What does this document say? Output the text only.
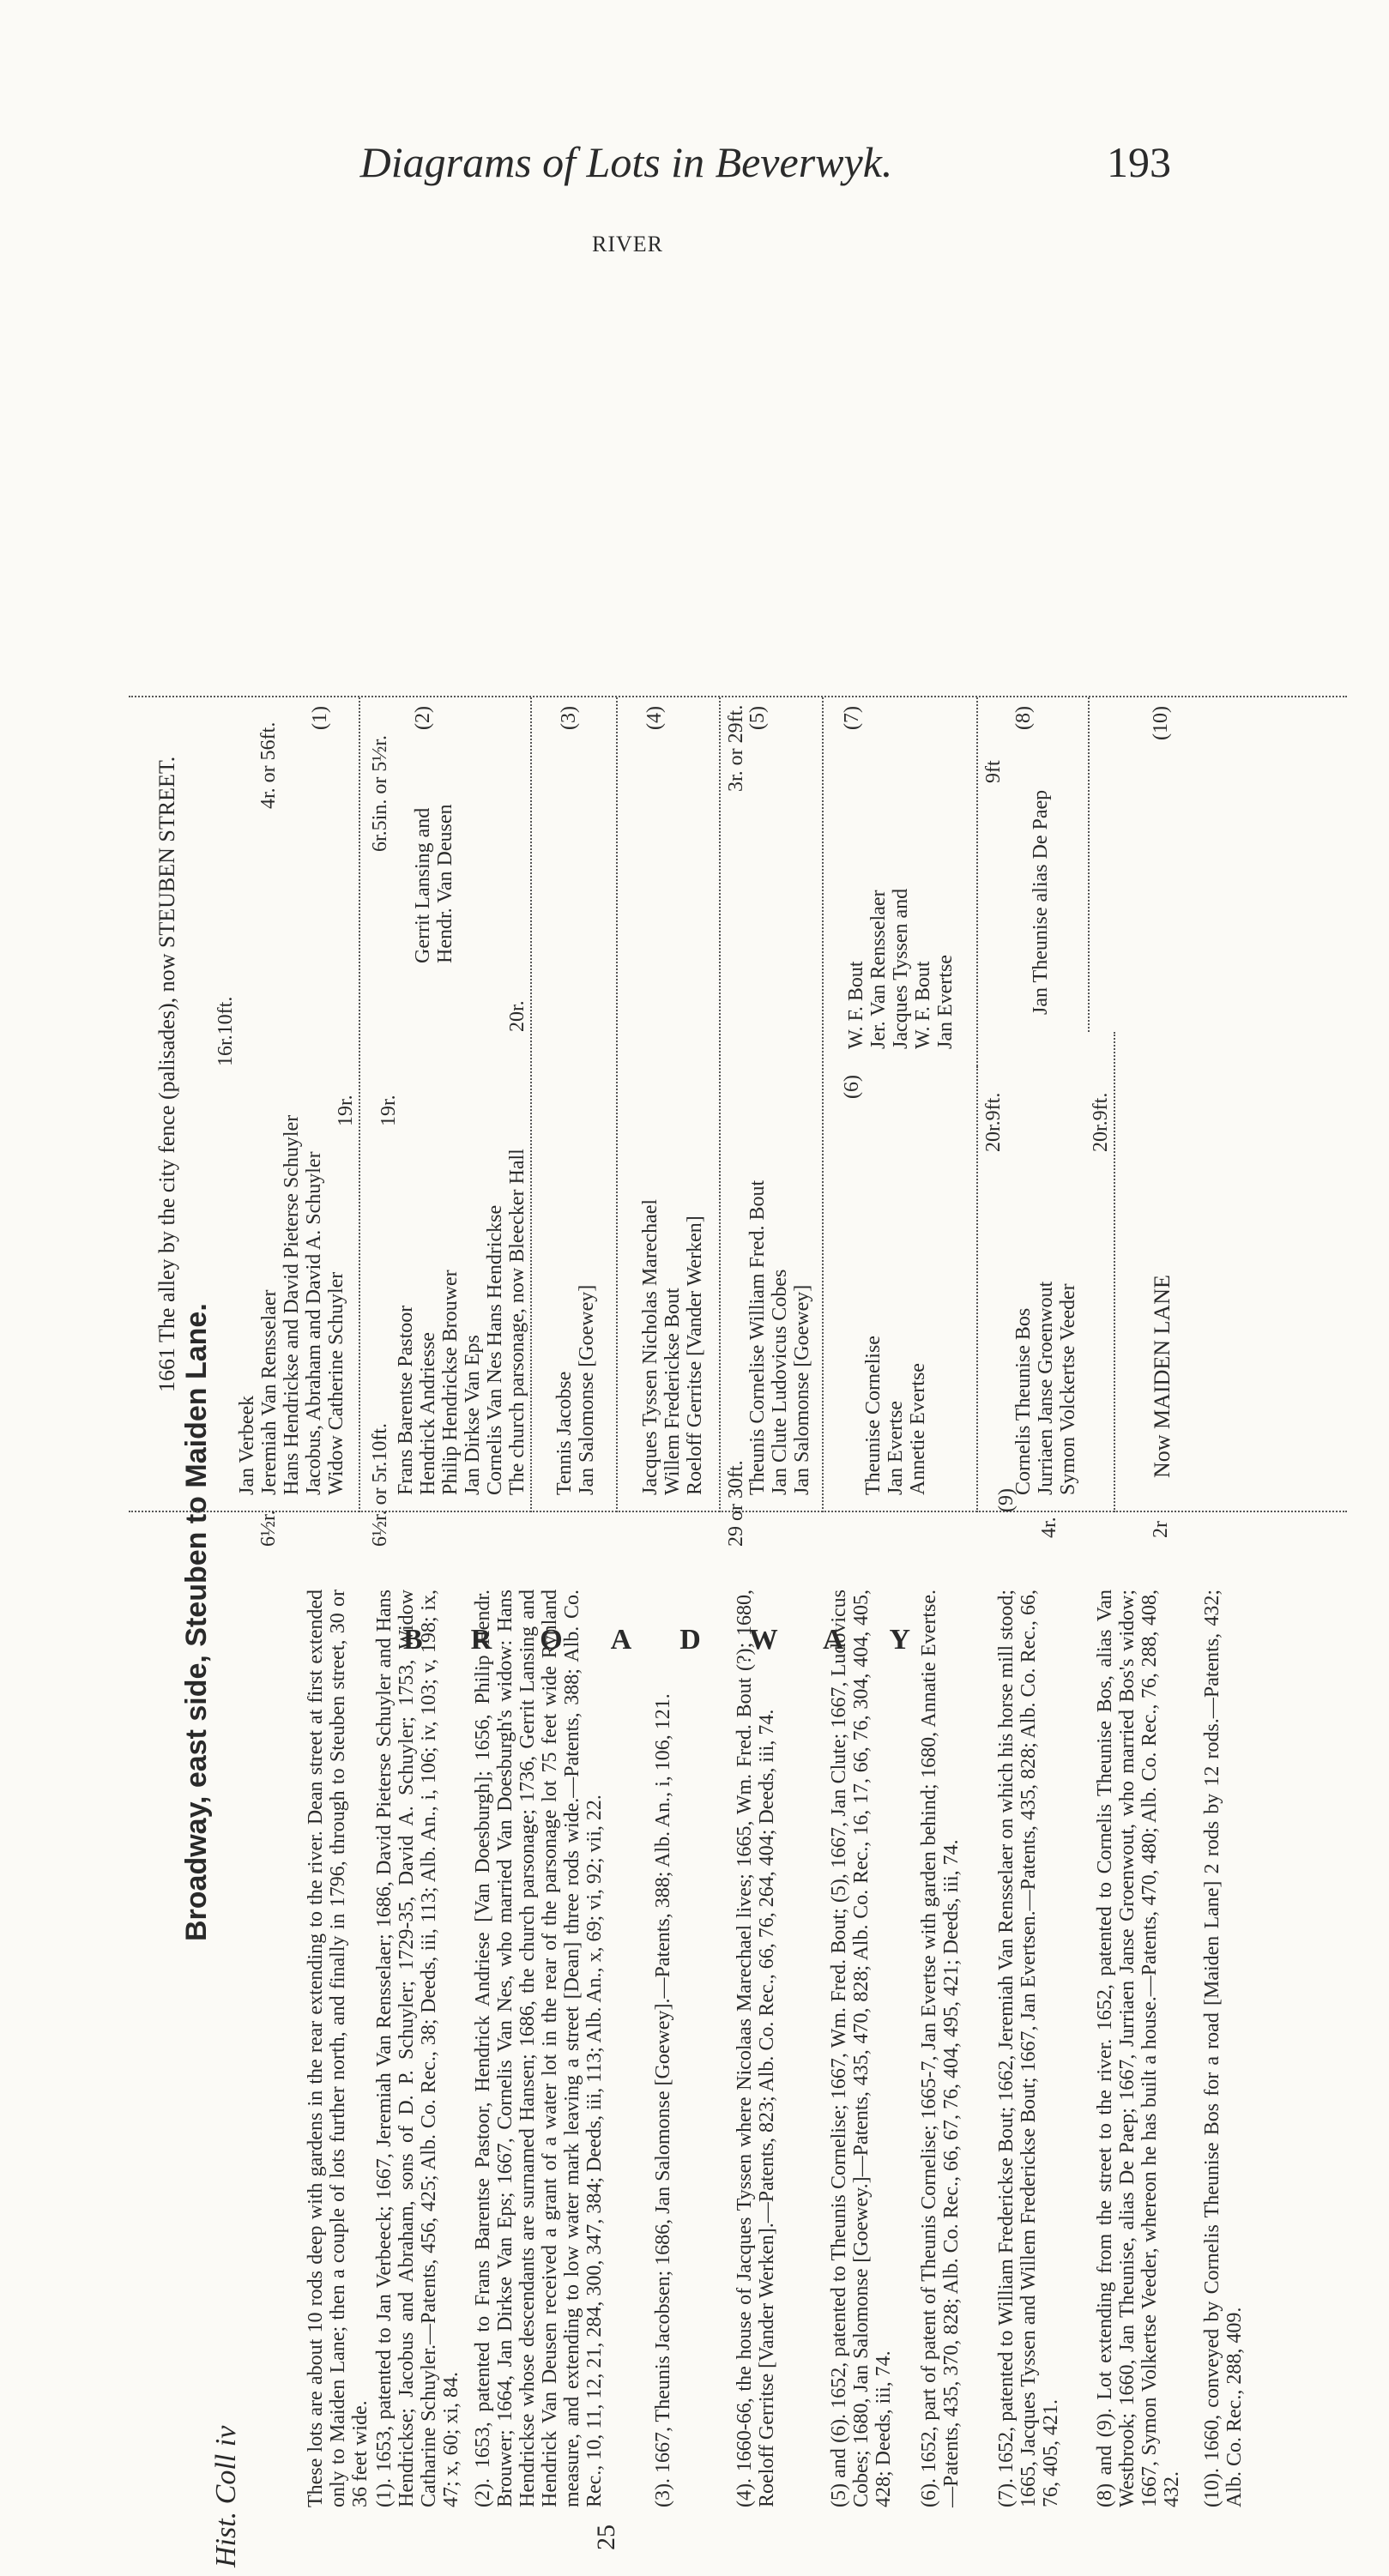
Diagrams of Lots in Beverwyk.	193
RIVER
Hist. Coll iv	25
Broadway, east side, Steuben to Maiden Lane.	These lots are about 10 rods deep with gardens in the rear extending to the river. Dean street at first extended only to Maiden Lane; then a couple of lots further north, and finally in 1796, through to Steuben street, 30 or 36 feet wide. (1). 1653, patented to Jan Verbeeck; 1667, Jeremiah Van Rensselaer; 1686, David Pieterse Schuyler and Hans Hendrickse; Jacobus and Abraham, sons of D. P. Schuyler; 1729-35, David A. Schuyler; 1753, Widow Catharine Schuyler.—Patents, 456, 425; Alb. Co. Rec., 38; Deeds, iii, 113; Alb. An., i, 106; iv, 103; v, 198; ix, 47; x, 60; xi, 84. (2). 1653, patented to Frans Barentse Pastoor, Hendrick Andriese [Van Doesburgh]; 1656, Philip Hendr. Brouwer; 1664, Jan Dirkse Van Eps; 1667, Cornelis Van Nes, who married Van Doesburgh's widow: Hans Hendrickse whose descendants are surnamed Hansen; 1686, the church parsonage; 1736, Gerrit Lansing and Hendrick Van Deusen received a grant of a water lot in the rear of the parsonage lot 75 feet wide Rynland measure, and extending to low water mark leaving a street [Dean] three rods wide.—Patents, 388; Alb. Co. Rec., 10, 11, 12, 21, 284, 300, 347, 384; Deeds, iii, 113; Alb. An., x, 69; vi, 92; vii, 22. (3). 1667, Theunis Jacobsen; 1686, Jan Salomonse [Goewey].—Patents, 388; Alb. An., i, 106, 121.	(4). 1660-66, the house of Jacques Tyssen where Nicolaas Marechael lives; 1665, Wm. Fred. Bout (?); 1680, Roeloff Gerritse [Vander Werken].—Patents, 823; Alb. Co. Rec., 66, 76, 264, 404; Deeds, iii, 74. (5) and (6). 1652, patented to Theunis Cornelise; 1667, Wm. Fred. Bout; (5), 1667, Jan Clute; 1667, Ludovicus Cobes; 1680, Jan Salomonse [Goewey.]—Patents, 435, 470, 828; Alb. Co. Rec., 16, 17, 66, 76, 304, 404, 405, 428; Deeds, iii, 74. (6). 1652, part of patent of Theunis Cornelise; 1665-7, Jan Evertse with garden behind; 1680, Annatie Evertse.—Patents, 435, 370, 828; Alb. Co. Rec., 66, 67, 76, 404, 495, 421; Deeds, iii, 74. (7). 1652, patented to William Frederickse Bout; 1662, Jeremiah Van Rensselaer on which his horse mill stood; 1665, Jacques Tyssen and Willem Frederickse Bout; 1667, Jan Evertsen.—Patents, 435, 828; Alb. Co. Rec., 66, 76, 405, 421. (8) and (9). Lot extending from the street to the river. 1652, patented to Cornelis Theunise Bos, alias Van Westbrook; 1660, Jan Theunise, alias De Paep; 1667, Jurriaen Janse Groenwout, who married Bos's widow; 1667, Symon Volkertse Veeder, whereon he has built a house.—Patents, 470, 480; Alb. Co. Rec., 76, 288, 408, 432. (10). 1660, conveyed by Cornelis Theunise Bos for a road [Maiden Lane] 2 rods by 12 rods.—Patents, 432; Alb. Co. Rec., 288, 409.
BROADWAY
1661 The alley by the city fence (palisades), now STEUBEN STREET.
6½r.
4r. or 56ft.
16r.10ft.
19r.
Jan Verbeek Jeremiah Van Rensselaer Hans Hendrickse and David Pieterse Schuyler Jacobus, Abraham and David A. Schuyler Widow Catherine Schuyler
(1)
6½r. or 5r.10ft.
6r.5in. or 5½r.
19r.
20r.
Frans Barentse Pastoor Hendrick Andriesse Philip Hendrickse Brouwer Jan Dirkse Van Eps Cornelis Van Nes Hans Hendrickse The church parsonage, now Bleecker Hall
Gerrit Lansing and Hendr. Van Deusen
(2)
Tennis Jacobse Jan Salomonse [Goewey]
(3)
Jacques Tyssen Nicholas Marechael Willem Frederickse Bout Roeloff Gerritse [Vander Werken]
(4)
29 or 30ft.
3r. or 29ft.
Theunis Cornelise William Fred. Bout Jan Clute Ludovicus Cobes Jan Salomonse [Goewey]
(5)
Theunise Cornelise Jan Evertse Annetie Evertse
(6)
W. F. Bout Jer. Van Rensselaer Jacques Tyssen and W. F. Bout Jan Evertse
(7)
9ft
Jan Theunise alias De Paep
(8)
4r.
20r.9ft.	20r.9ft.
Cornelis Theunise Bos Jurriaen Janse Groenwout Symon Volckertse Veeder
(9)
2r
Now MAIDEN LANE
(10)
